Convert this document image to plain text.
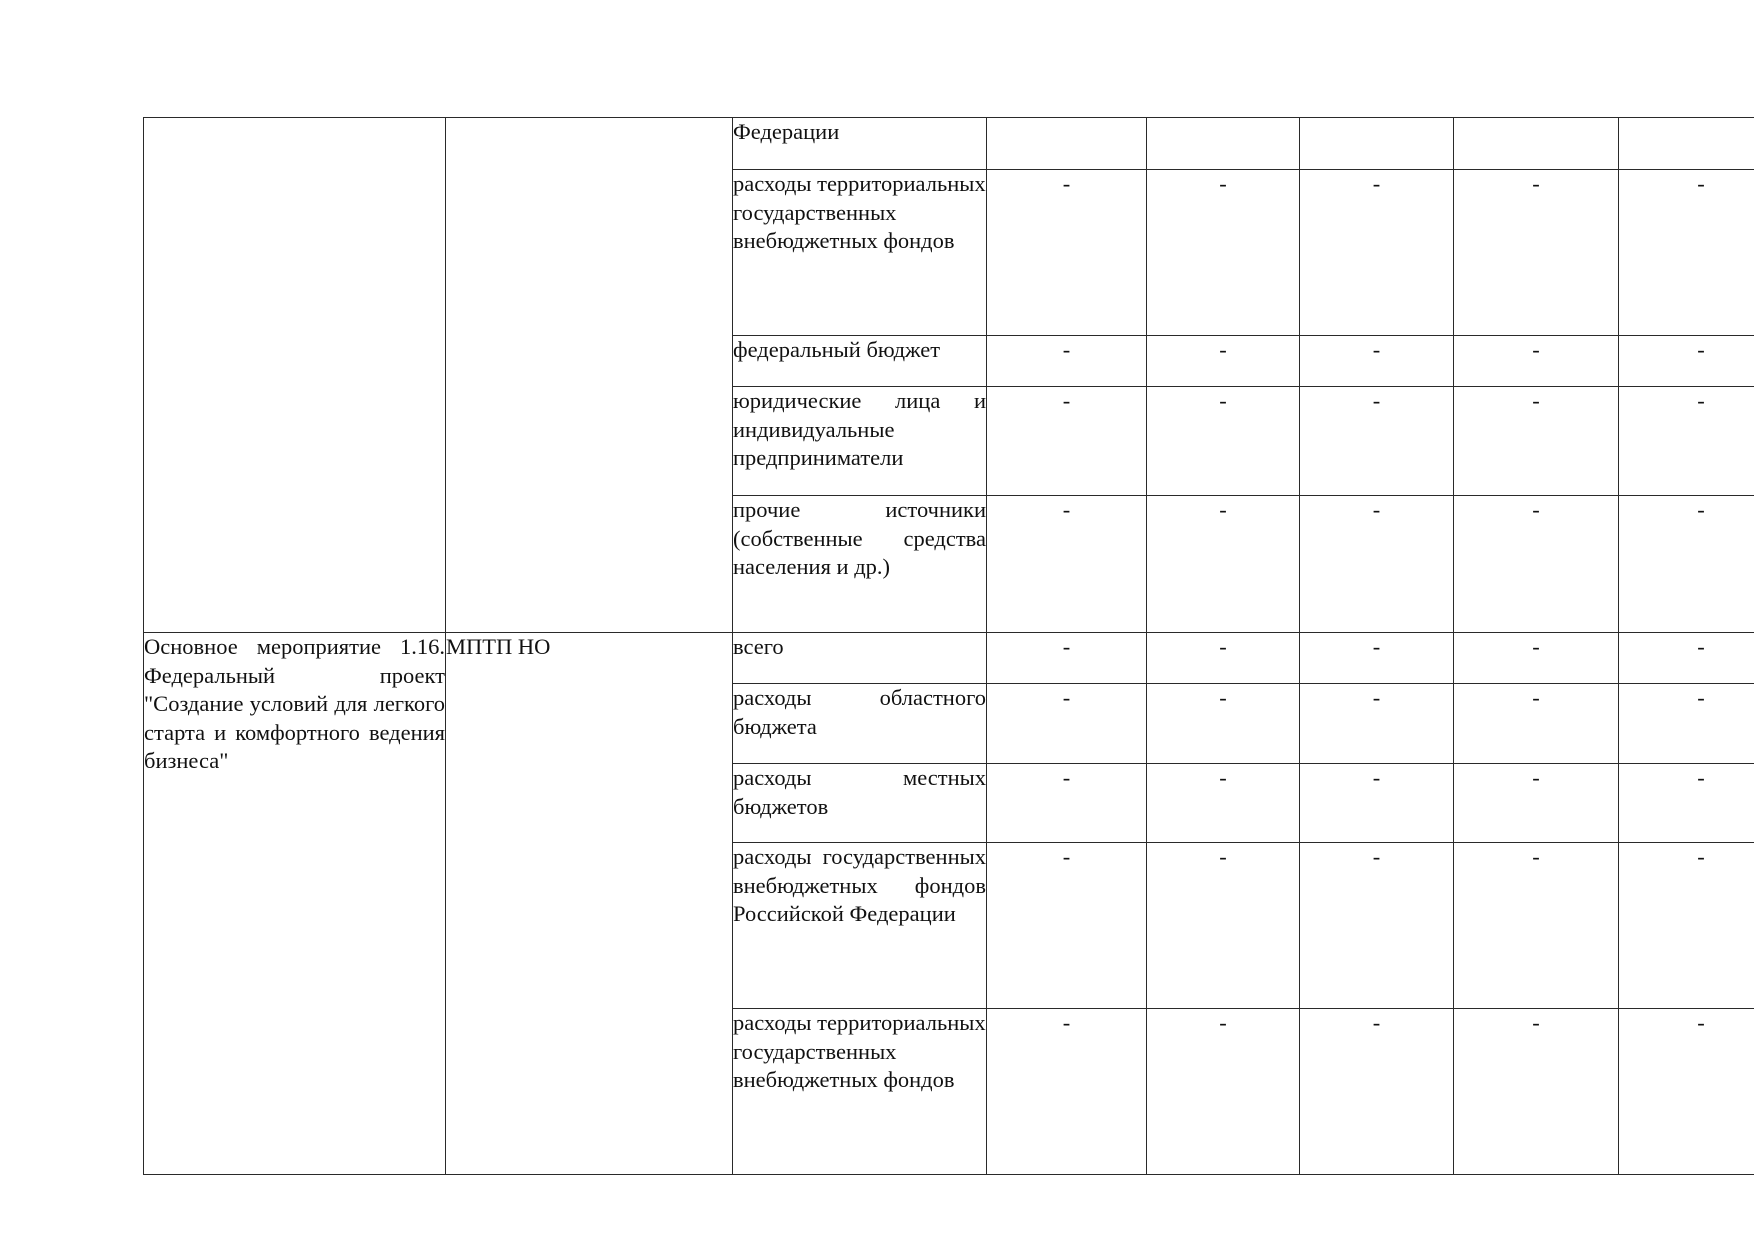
		Федерации					
		расходы территориальных государственных внебюджетных фондов	-	-	-	-	-
		федеральный бюджет	-	-	-	-	-
		юридические лица и индивидуальные предприниматели	-	-	-	-	-
		прочие источники (собственные средства населения и др.)	-	-	-	-	-
Основное мероприятие 1.16. Федеральный проект "Создание условий для легкого старта и комфортного ведения бизнеса"	МПТП НО	всего	-	-	-	-	-
		расходы областного бюджета	-	-	-	-	-
		расходы местных бюджетов	-	-	-	-	-
		расходы государственных внебюджетных фондов Российской Федерации	-	-	-	-	-
		расходы территориальных государственных внебюджетных фондов	-	-	-	-	-
